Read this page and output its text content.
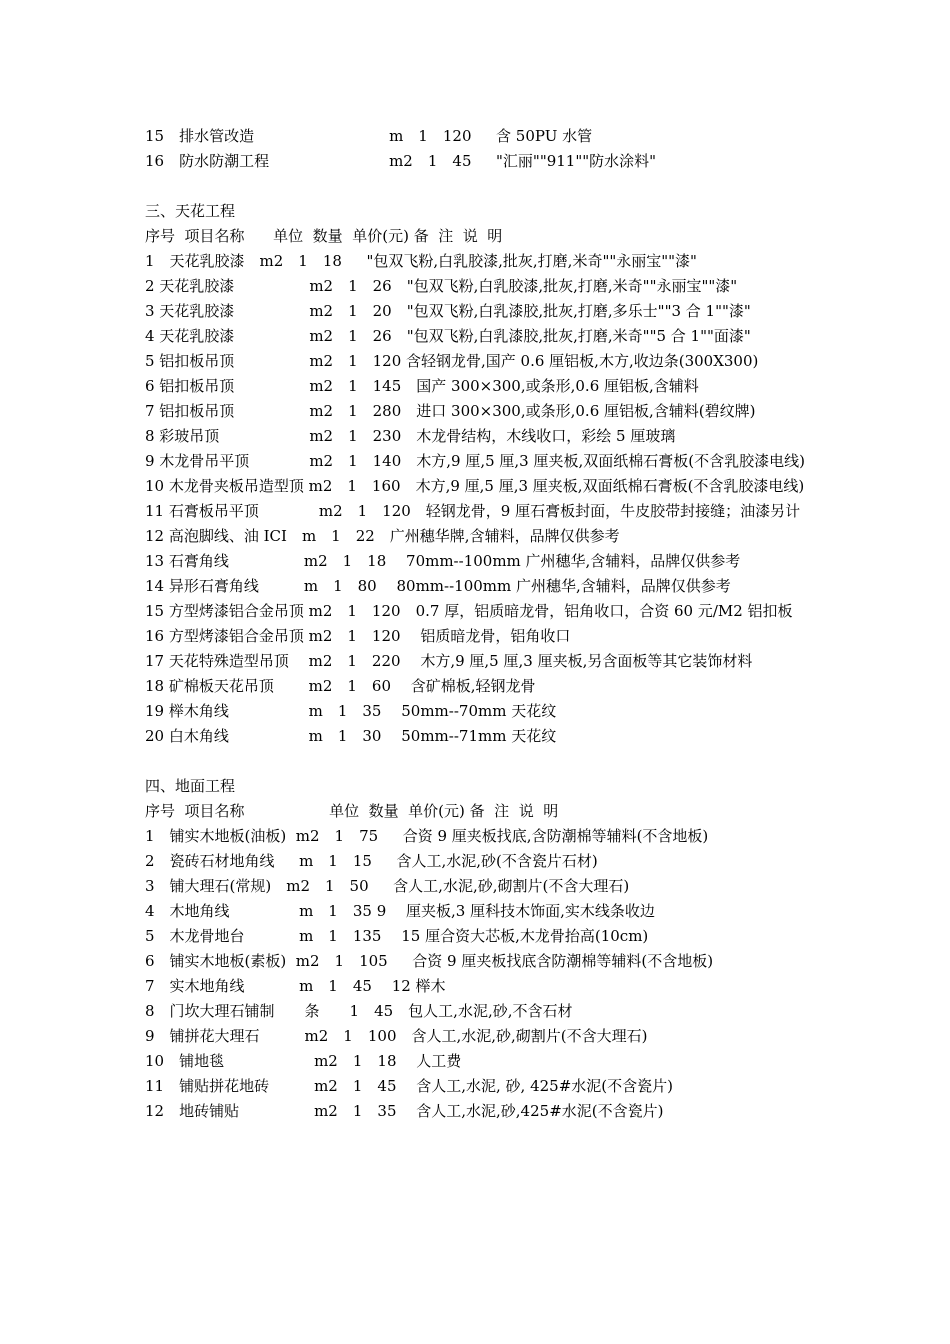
15　排水管改造　　　　　　　　　m　1　120　  含 50PU 水管
16　防水防潮工程　　　　　　　　m2　1　45　  "汇丽""911""防水涂料"
三、天花工程
序号  项目名称      单位  数量  单价(元) 备  注  说  明
1　天花乳胶漆　m2　1　18　  "包双飞粉,白乳胶漆,批灰,打磨,米奇""永丽宝""漆"
2 天花乳胶漆　　　　　m2　1　26　"包双飞粉,白乳胶漆,批灰,打磨,米奇""永丽宝""漆"
3 天花乳胶漆　　　　　m2　1　20　"包双飞粉,白乳漆胶,批灰,打磨,多乐士""3 合 1""漆"
4 天花乳胶漆　　　　　m2　1　26　"包双飞粉,白乳漆胶,批灰,打磨,米奇""5 合 1""面漆"
5 铝扣板吊顶　　　　　m2　1　120 含轻钢龙骨,国产 0.6 厘铝板,木方,收边条(300X300)
6 铝扣板吊顶　　　　　m2　1　145　国产 300×300,或条形,0.6 厘铝板,含辅料
7 铝扣板吊顶　　　　　m2　1　280　进口 300×300,或条形,0.6 厘铝板,含辅料(碧纹牌)
8 彩玻吊顶　　　　　　m2　1　230　木龙骨结构，木线收口，彩绘 5 厘玻璃
9 木龙骨吊平顶　　　　m2　1　140　木方,9 厘,5 厘,3 厘夹板,双面纸棉石膏板(不含乳胶漆电线)
10 木龙骨夹板吊造型顶 m2　1　160　木方,9 厘,5 厘,3 厘夹板,双面纸棉石膏板(不含乳胶漆电线)
11 石膏板吊平顶　　　　m2　1　120　轻钢龙骨，9 厘石膏板封面，牛皮胶带封接缝；油漆另计
12 高泡脚线、油 ICI　m　1　22　广州穗华牌,含辅料，品牌仅供参考
13 石膏角线　　　　　m2　1　18　 70mm--100mm 广州穗华,含辅料，品牌仅供参考
14 异形石膏角线　　　m　1　80　 80mm--100mm 广州穗华,含辅料，品牌仅供参考
15 方型烤漆铝合金吊顶 m2　1　120　0.7 厚，铝质暗龙骨，铝角收口，合资 60 元/M2 铝扣板
16 方型烤漆铝合金吊顶 m2　1　120　 铝质暗龙骨，铝角收口
17 天花特殊造型吊顶　 m2　1　220　 木方,9 厘,5 厘,3 厘夹板,另含面板等其它装饰材料
18 矿棉板天花吊顶　　 m2　1　60　 含矿棉板,轻钢龙骨
19 榉木角线　　　　　 m　1　35　 50mm--70mm 天花纹
20 白木角线　　　　　 m　1　30　 50mm--71mm 天花纹
四、地面工程
序号  项目名称　　　　　  单位  数量  单价(元) 备  注  说  明
1　铺实木地板(油板)  m2　1　75　  合资 9 厘夹板找底,含防潮棉等辅料(不含地板)
2　瓷砖石材地角线　  m　1　15　  含人工,水泥,砂(不含瓷片石材)
3　铺大理石(常规)　m2　1　50　  含人工,水泥,砂,砌割片(不含大理石)
4　木地角线　　　　  m　1　35 9　 厘夹板,3 厘科技木饰面,实木线条收边
5　木龙骨地台　　　  m　1　135　 15 厘合资大芯板,木龙骨抬高(10cm)
6　铺实木地板(素板)  m2　1　105　  合资 9 厘夹板找底含防潮棉等辅料(不含地板)
7　实木地角线　　　  m　1　45　 12 榉木
8　门坎大理石铺制　　条　　1　45　包人工,水泥,砂,不含石材
9　铺拼花大理石　　　m2　1　100　含人工,水泥,砂,砌割片(不含大理石)
10　铺地毯　　　　　　m2　1　18　 人工费
11　铺贴拼花地砖　　　m2　1　45　 含人工,水泥, 砂, 425#水泥(不含瓷片)
12　地砖铺贴　　　　　m2　1　35　 含人工,水泥,砂,425#水泥(不含瓷片)
